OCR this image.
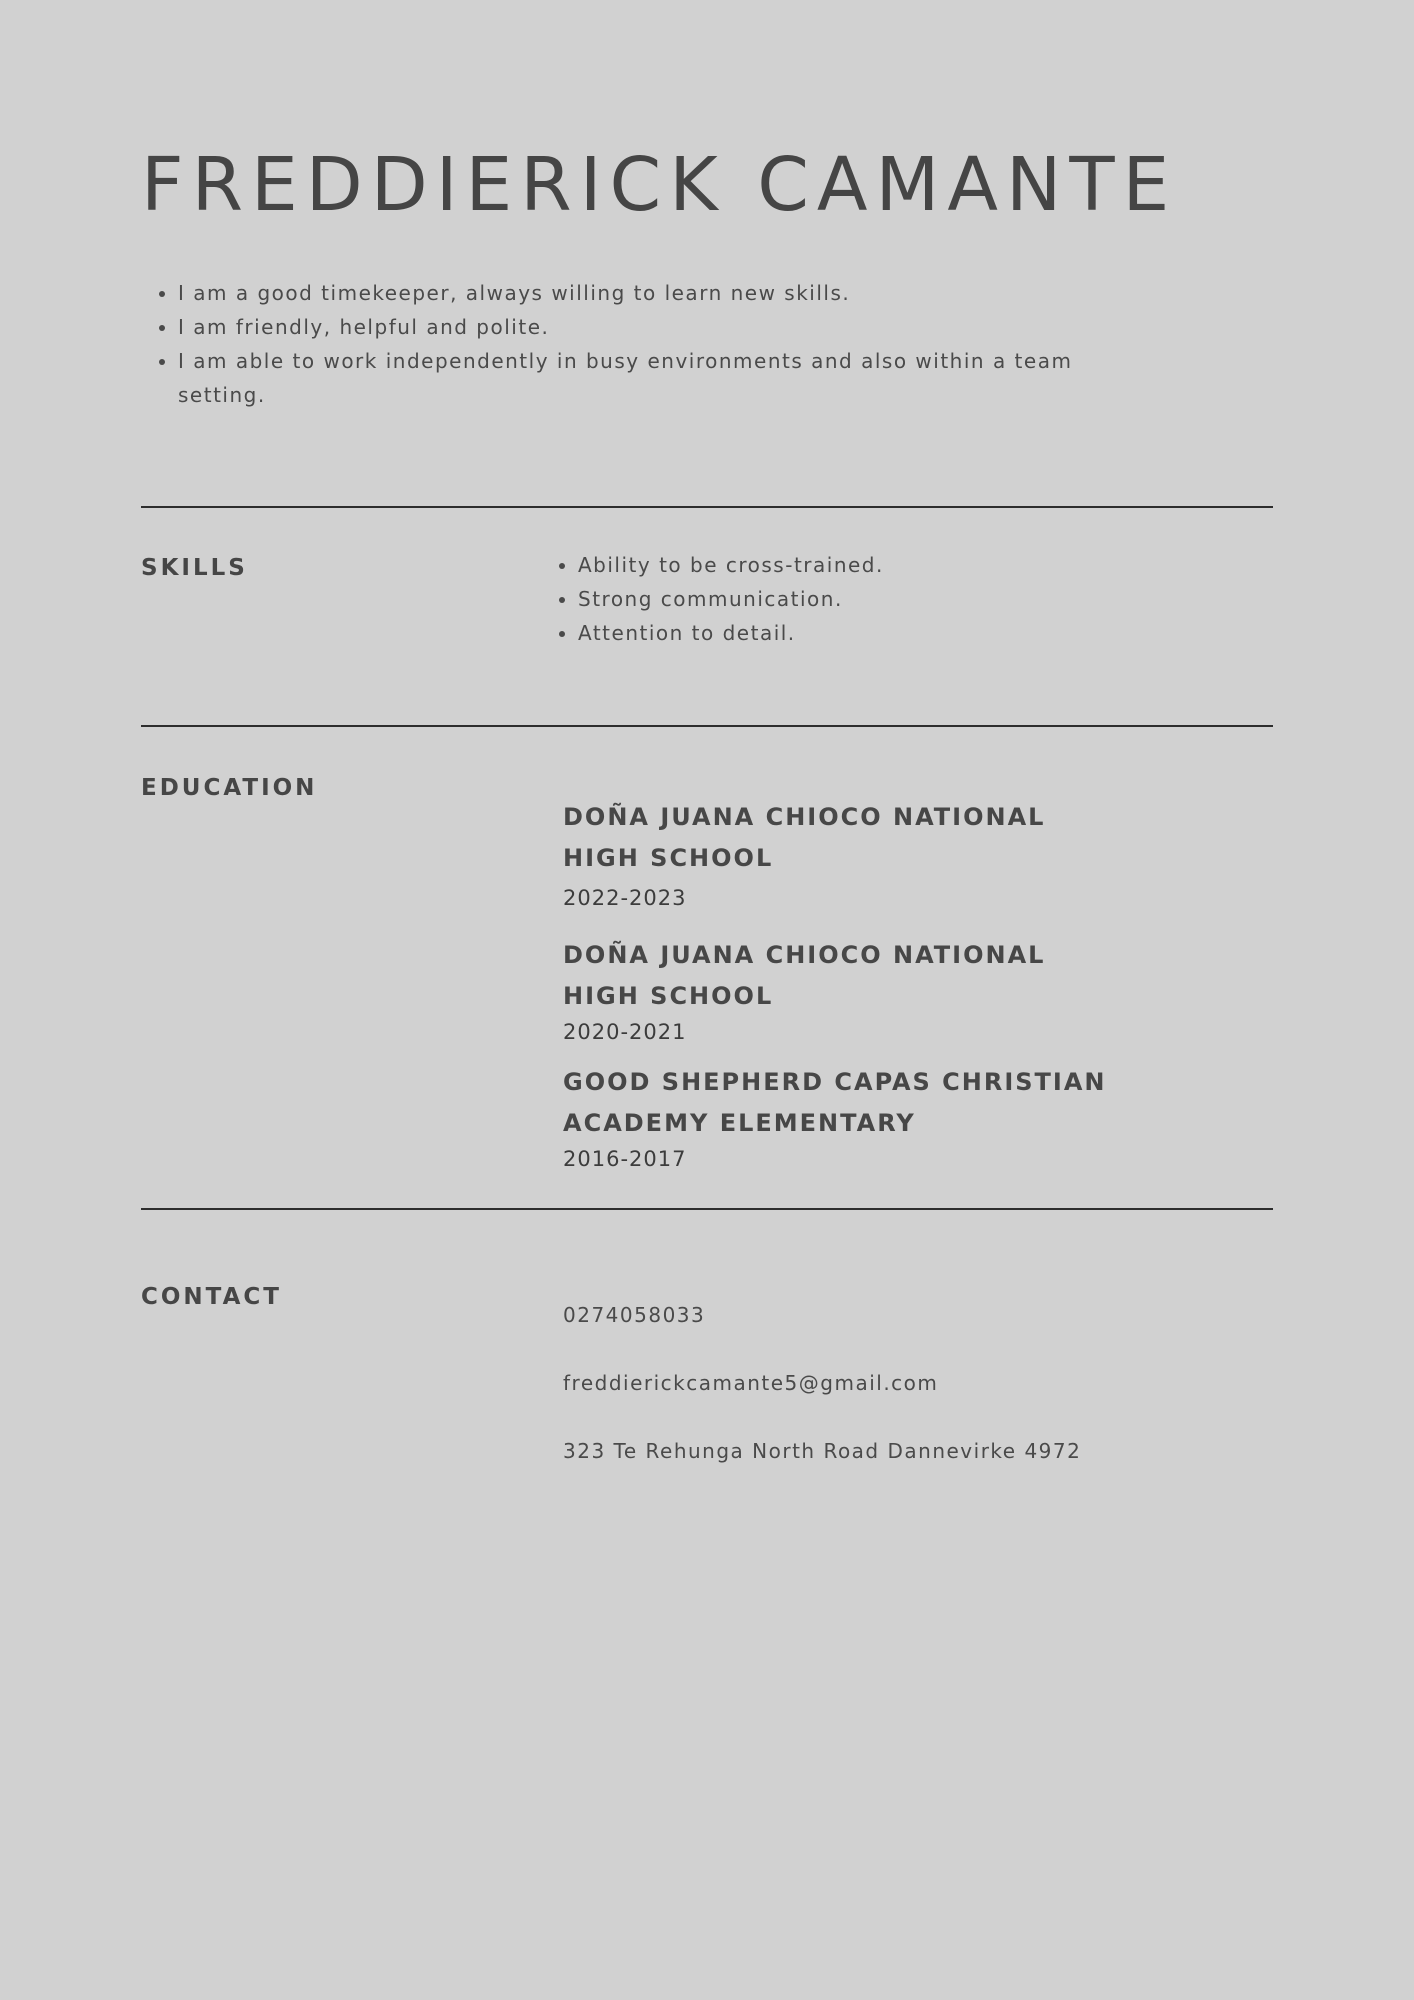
FREDDIERICK CAMANTE
• I am a good timekeeper, always willing to learn new skills.
• I am friendly, helpful and polite.
• I am able to work independently in busy environments and also within a team setting.
SKILLS
•	Ability to be cross-trained.
• Strong communication.
• Attention to detail.
EDUCATION

DOÑA JUANA CHIOCO NATIONAL HIGH SCHOOL

2022-2023

DOÑA JUANA CHIOCO NATIONAL HIGH SCHOOL

2020-2021

GOOD SHEPHERD CAPAS CHRISTIAN ACADEMY ELEMENTARY

2016-2017

CONTACT

0274058033

freddierickcamante5@gmail.com

323 Te Rehunga North Road Dannevirke 4972
